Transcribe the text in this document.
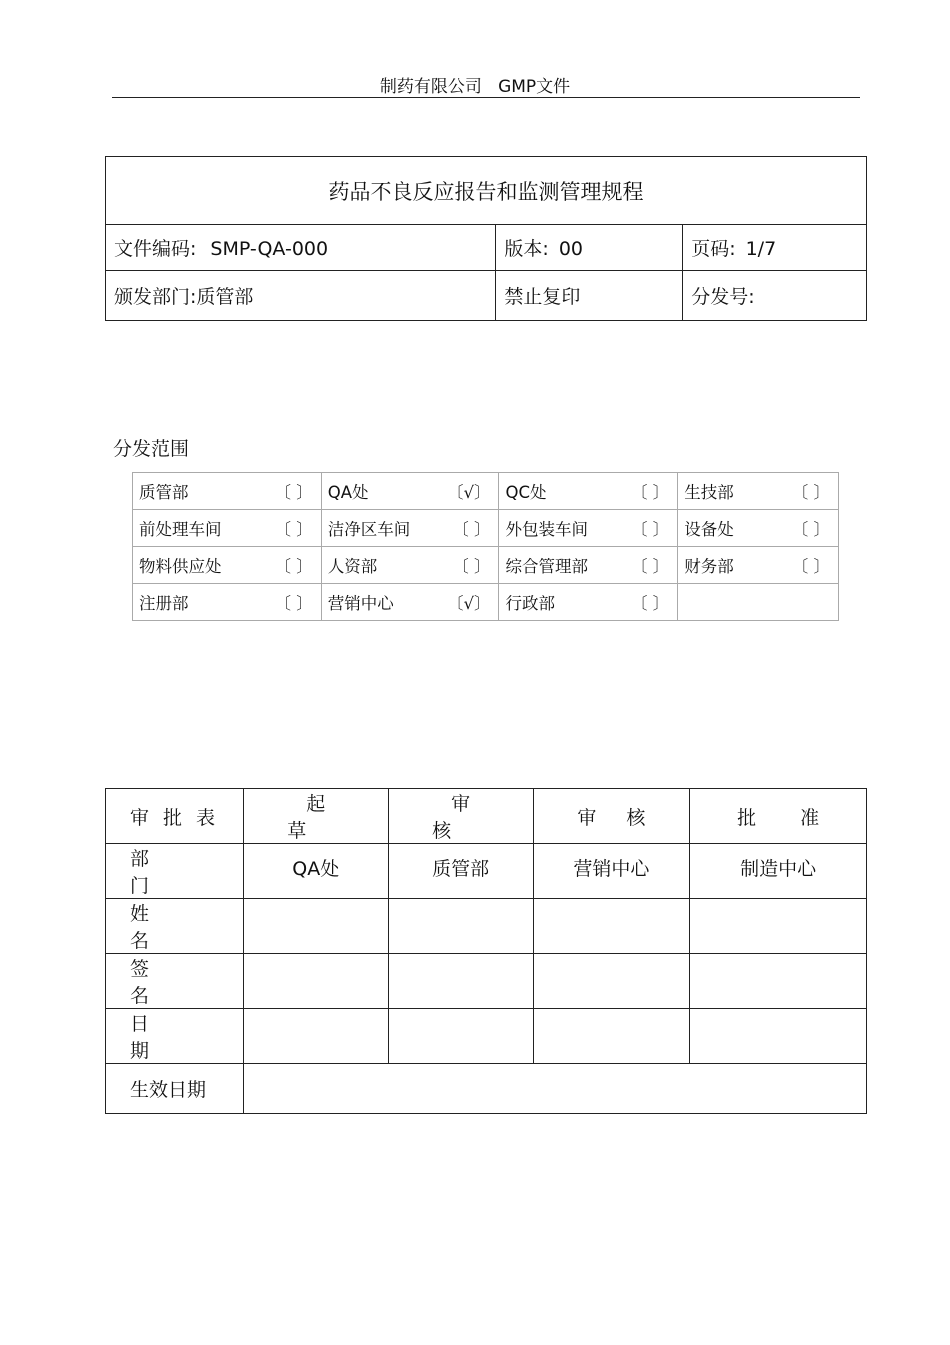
制药有限公司 GMP文件
药品不良反应报告和监测管理规程		
文件编码: SMP-QA-000	版本: 00	页码: 1/7
颁发部门:质管部	禁止复印	分发号:
分发范围
质管部 〔 〕	QA处 〔√〕	QC处 〔 〕	生技部 〔 〕

前处理车间 〔 〕	洁净区车间 〔 〕	外包装车间 〔 〕	设备处 〔 〕

物料供应处 〔 〕	人资部 〔 〕	综合管理部 〔 〕	财务部 〔 〕

注册部 〔 〕	营销中心 〔√〕	行政部 〔 〕	

审批表	起草	审核	审核	批准
部门	QA处	质管部	营销中心	制造中心
姓名				
签名				
日期				
生效日期				
